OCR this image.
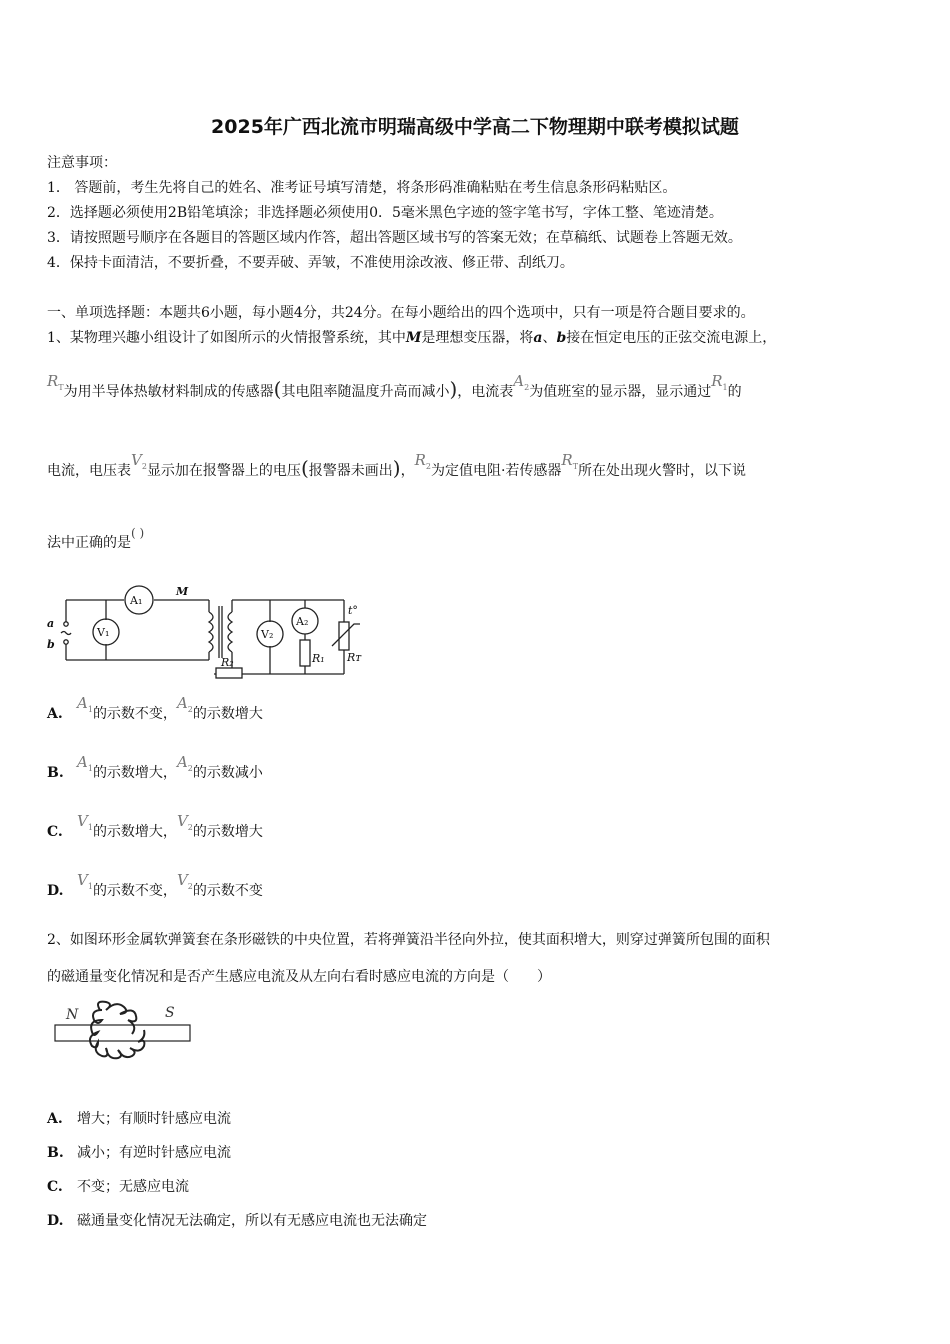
2025年广西北流市明瑞高级中学高二下物理期中联考模拟试题
注意事项：
1． 答题前，考生先将自己的姓名、准考证号填写清楚，将条形码准确粘贴在考生信息条形码粘贴区。
2．选择题必须使用2B铅笔填涂；非选择题必须使用0．5毫米黑色字迹的签字笔书写，字体工整、笔迹清楚。
3．请按照题号顺序在各题目的答题区域内作答，超出答题区域书写的答案无效；在草稿纸、试题卷上答题无效。
4．保持卡面清洁，不要折叠，不要弄破、弄皱，不准使用涂改液、修正带、刮纸刀。
一、单项选择题：本题共6小题，每小题4分，共24分。在每小题给出的四个选项中，只有一项是符合题目要求的。
1、某物理兴趣小组设计了如图所示的火情报警系统，其中M是理想变压器，将a、b接在恒定电压的正弦交流电源上，
$R_T$为用半导体热敏材料制成的传感器(其电阻率随温度升高而减小)，电流表$A_2$为值班室的显示器，显示通过$R_1$的
电流，电压表$V_2$显示加在报警器上的电压(报警器未画出)，$R_2$为定值电阻·若传感器$R_T$所在处出现火警时，以下说
法中正确的是( )
a
b
M
A₁
V₁	V₂
A₂
R₁
R₂	Rᴛ
t°
$A.A_1$的示数不变，$A_2$的示数增大
$B.A_1$的示数增大，$A_2$的示数减小
$C.V_1$的示数增大，$V_2$的示数增大
$D.V_1$的示数不变，$V_2$的示数不变
2、如图环形金属软弹簧套在条形磁铁的中央位置，若将弹簧沿半径向外拉，使其面积增大，则穿过弹簧所包围的面积
的磁通量变化情况和是否产生感应电流及从左向右看时感应电流的方向是（　　）
N	S
A. 增大；有顺时针感应电流
B. 减小；有逆时针感应电流
C. 不变；无感应电流
D. 磁通量变化情况无法确定，所以有无感应电流也无法确定
